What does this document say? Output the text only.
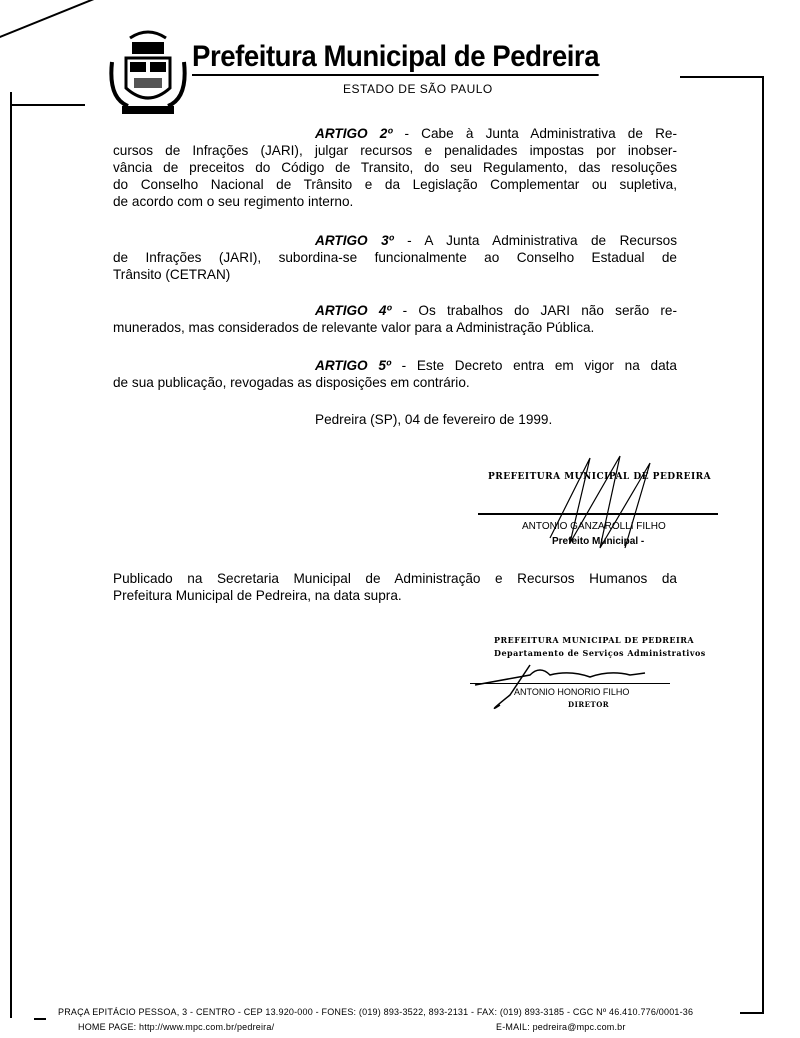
Prefeitura Municipal de Pedreira
ESTADO DE SÃO PAULO
ARTIGO 2º - Cabe à Junta Administrativa de Re-
cursos de Infrações (JARI), julgar recursos e penalidades impostas por inobser-
vância de preceitos do Código de Transito, do seu Regulamento, das resoluções
do Conselho Nacional de Trânsito e da Legislação Complementar ou supletiva,
de acordo com o seu regimento interno.
ARTIGO 3º - A Junta Administrativa de Recursos
de Infrações (JARI), subordina-se funcionalmente ao Conselho Estadual de
Trânsito (CETRAN)
ARTIGO 4º - Os trabalhos do JARI não serão re-
munerados, mas considerados de relevante valor para a Administração Pública.
ARTIGO 5º - Este Decreto entra em vigor na data
de sua publicação, revogadas as disposições em contrário.
Pedreira (SP), 04 de fevereiro de 1999.
PREFEITURA MUNICIPAL DE PEDREIRA
ANTONIO GANZAROLLI FILHO
Prefeito Municipal -
Publicado na Secretaria Municipal de Administração e Recursos Humanos da
Prefeitura Municipal de Pedreira, na data supra.
PREFEITURA MUNICIPAL DE PEDREIRA
Departamento de Serviços Administrativos
ANTONIO HONORIO FILHO
DIRETOR
PRAÇA EPITÁCIO PESSOA, 3 - CENTRO - CEP 13.920-000 - FONES: (019) 893-3522, 893-2131 - FAX: (019) 893-3185 - CGC Nº 46.410.776/0001-36
HOME PAGE: http://www.mpc.com.br/pedreira/	E-MAIL: pedreira@mpc.com.br
